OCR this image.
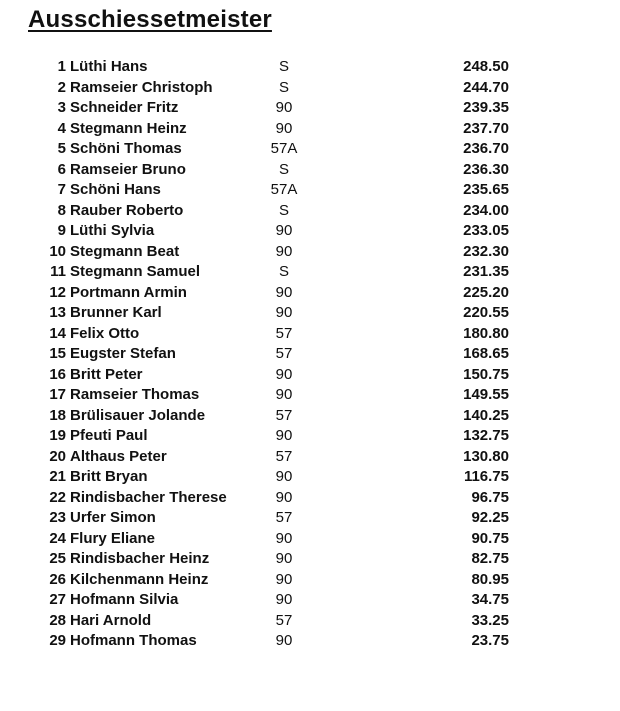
Ausschiessetmeister
1 Lüthi Hans	S	248.50
2 Ramseier Christoph	S	244.70
3 Schneider Fritz	90	239.35
4 Stegmann Heinz	90	237.70
5 Schöni Thomas	57A	236.70
6 Ramseier Bruno	S	236.30
7 Schöni Hans	57A	235.65
8 Rauber Roberto	S	234.00
9 Lüthi Sylvia	90	233.05
10 Stegmann Beat	90	232.30
11 Stegmann Samuel	S	231.35
12 Portmann Armin	90	225.20
13 Brunner Karl	90	220.55
14 Felix Otto	57	180.80
15 Eugster Stefan	57	168.65
16 Britt Peter	90	150.75
17 Ramseier Thomas	90	149.55
18 Brülisauer Jolande	57	140.25
19 Pfeuti Paul	90	132.75
20 Althaus Peter	57	130.80
21 Britt Bryan	90	116.75
22 Rindisbacher Therese	90	96.75
23 Urfer Simon	57	92.25
24 Flury Eliane	90	90.75
25 Rindisbacher Heinz	90	82.75
26 Kilchenmann Heinz	90	80.95
27 Hofmann Silvia	90	34.75
28 Hari Arnold	57	33.25
29 Hofmann Thomas	90	23.75
